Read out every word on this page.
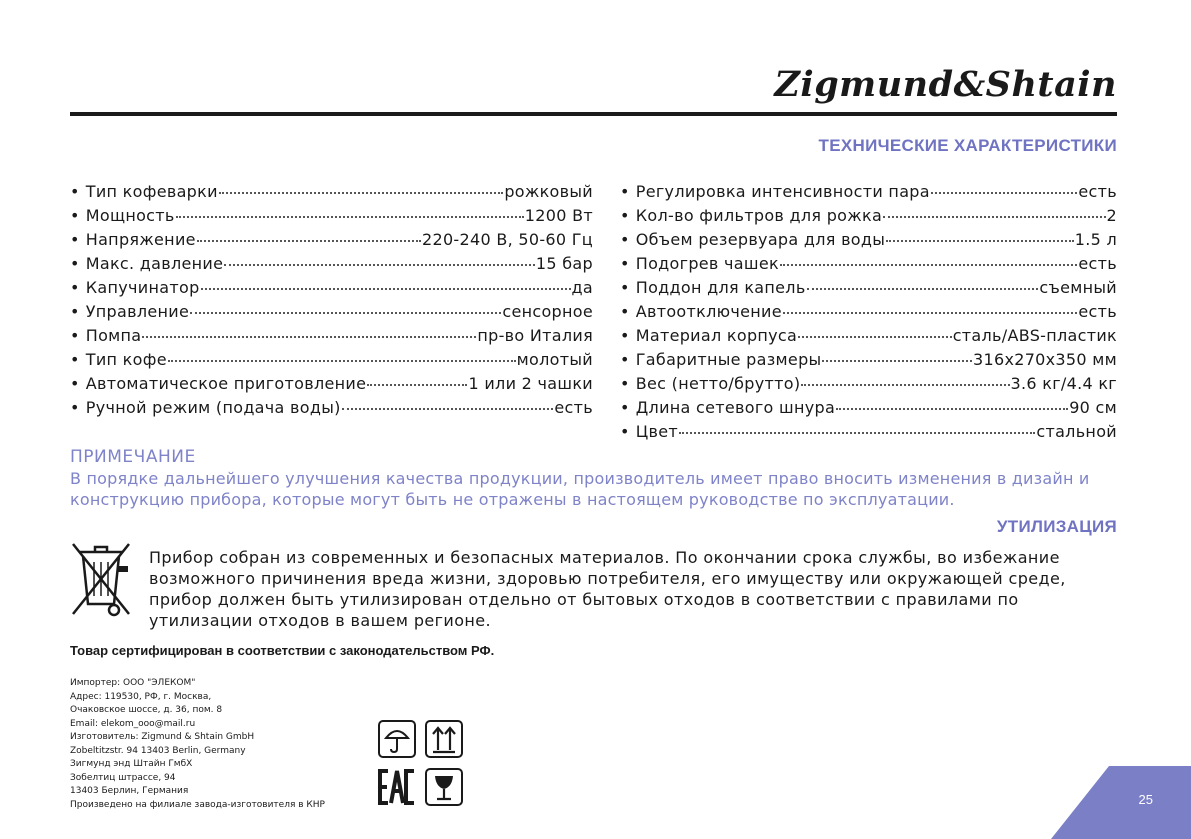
Zigmund&Shtain
ТЕХНИЧЕСКИЕ ХАРАКТЕРИСТИКИ
• Тип кофеварки	рожковый
• Мощность	1200 Вт
• Напряжение	220-240 В, 50-60 Гц
• Макс. давление	15 бар
• Капучинатор	да
• Управление	сенсорное
• Помпа	пр-во Италия
• Тип кофе	молотый
• Автоматическое приготовление	1 или 2 чашки
• Ручной режим (подача воды)	есть
• Регулировка интенсивности пара	есть
• Кол-во фильтров для рожка	2
• Объем резервуара для воды	1.5 л
• Подогрев чашек	есть
• Поддон для капель	съемный
• Автоотключение	есть
• Материал корпуса	сталь/ABS-пластик
• Габаритные размеры	316x270x350 мм
• Вес (нетто/брутто)	3.6 кг/4.4 кг
• Длина сетевого шнура	90 см
• Цвет	стальной
ПРИМЕЧАНИЕ
В порядке дальнейшего улучшения качества продукции, производитель имеет право вносить изменения в дизайн и конструкцию прибора, которые могут быть не отражены в настоящем руководстве по эксплуатации.
УТИЛИЗАЦИЯ
Прибор собран из современных и безопасных материалов. По окончании срока службы, во избежание возможного причинения вреда жизни, здоровью потребителя, его имуществу или окружающей среде, прибор должен быть утилизирован отдельно от бытовых отходов в соответствии с правилами по утилизации отходов в вашем регионе.
Товар сертифицирован в соответствии с законодательством РФ.
Импортер: ООО "ЭЛЕКОМ"
Адрес: 119530, РФ, г. Москва,
Очаковское шоссе, д. 36, пом. 8
Email: elekom_ooo@mail.ru
Изготовитель: Zigmund & Shtain GmbH
Zobeltitzstr. 94 13403 Berlin, Germany
Зигмунд энд Штайн ГмбХ
Зобелтиц штрассе, 94
13403 Берлин, Германия
Произведено на филиале завода-изготовителя в КНР	25
